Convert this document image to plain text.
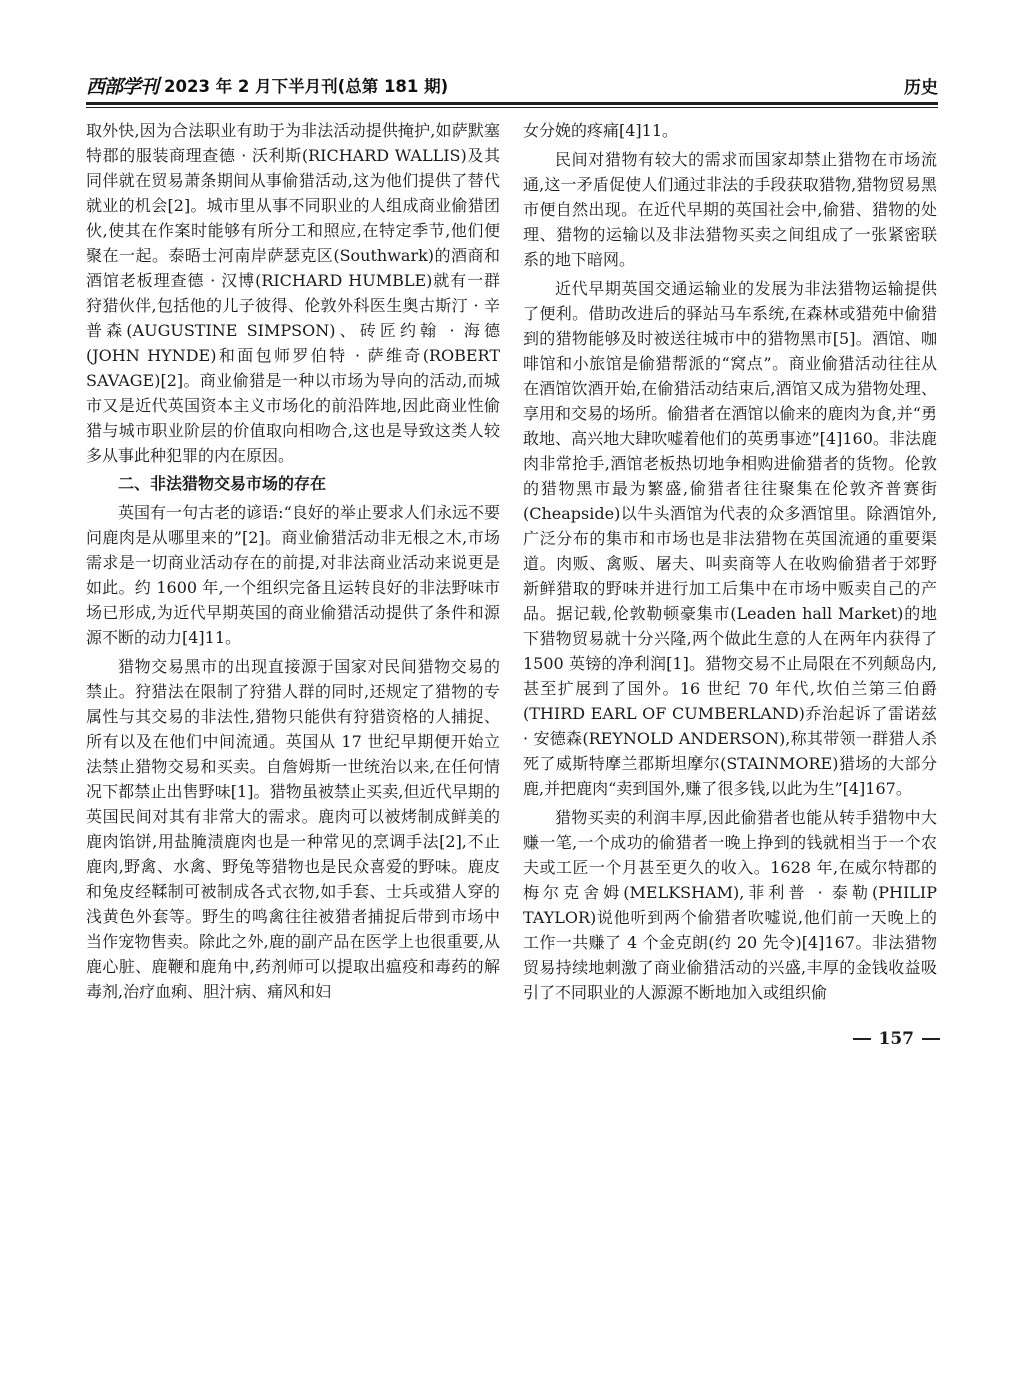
西部学刊 2023 年 2 月下半月刊(总第 181 期)	历史

取外快,因为合法职业有助于为非法活动提供掩护,如萨默塞特郡的服装商理查德 · 沃利斯(RICHARD WALLIS)及其同伴就在贸易萧条期间从事偷猎活动,这为他们提供了替代就业的机会[2]。城市里从事不同职业的人组成商业偷猎团伙,使其在作案时能够有所分工和照应,在特定季节,他们便聚在一起。泰晤士河南岸萨瑟克区(Southwark)的酒商和酒馆老板理查德 · 汉博(RICHARD HUMBLE)就有一群狩猎伙伴,包括他的儿子彼得、伦敦外科医生奥古斯汀 · 辛普森(AUGUSTINE SIMPSON)、砖匠约翰 · 海德(JOHN HYNDE)和面包师罗伯特 · 萨维奇(ROBERT SAVAGE)[2]。商业偷猎是一种以市场为导向的活动,而城市又是近代英国资本主义市场化的前沿阵地,因此商业性偷猎与城市职业阶层的价值取向相吻合,这也是导致这类人较多从事此种犯罪的内在原因。

二、非法猎物交易市场的存在

英国有一句古老的谚语:“良好的举止要求人们永远不要问鹿肉是从哪里来的”[2]。商业偷猎活动非无根之木,市场需求是一切商业活动存在的前提,对非法商业活动来说更是如此。约 1600 年,一个组织完备且运转良好的非法野味市场已形成,为近代早期英国的商业偷猎活动提供了条件和源源不断的动力[4]11。

猎物交易黑市的出现直接源于国家对民间猎物交易的禁止。狩猎法在限制了狩猎人群的同时,还规定了猎物的专属性与其交易的非法性,猎物只能供有狩猎资格的人捕捉、所有以及在他们中间流通。英国从 17 世纪早期便开始立法禁止猎物交易和买卖。自詹姆斯一世统治以来,在任何情况下都禁止出售野味[1]。猎物虽被禁止买卖,但近代早期的英国民间对其有非常大的需求。鹿肉可以被烤制成鲜美的鹿肉馅饼,用盐腌渍鹿肉也是一种常见的烹调手法[2],不止鹿肉,野禽、水禽、野兔等猎物也是民众喜爱的野味。鹿皮和兔皮经鞣制可被制成各式衣物,如手套、士兵或猎人穿的浅黄色外套等。野生的鸣禽往往被猎者捕捉后带到市场中当作宠物售卖。除此之外,鹿的副产品在医学上也很重要,从鹿心脏、鹿鞭和鹿角中,药剂师可以提取出瘟疫和毒药的解毒剂,治疗血痢、胆汁病、痛风和妇

女分娩的疼痛[4]11。

民间对猎物有较大的需求而国家却禁止猎物在市场流通,这一矛盾促使人们通过非法的手段获取猎物,猎物贸易黑市便自然出现。在近代早期的英国社会中,偷猎、猎物的处理、猎物的运输以及非法猎物买卖之间组成了一张紧密联系的地下暗网。

近代早期英国交通运输业的发展为非法猎物运输提供了便利。借助改进后的驿站马车系统,在森林或猎苑中偷猎到的猎物能够及时被送往城市中的猎物黑市[5]。酒馆、咖啡馆和小旅馆是偷猎帮派的“窝点”。商业偷猎活动往往从在酒馆饮酒开始,在偷猎活动结束后,酒馆又成为猎物处理、享用和交易的场所。偷猎者在酒馆以偷来的鹿肉为食,并“勇敢地、高兴地大肆吹嘘着他们的英勇事迹”[4]160。非法鹿肉非常抢手,酒馆老板热切地争相购进偷猎者的货物。伦敦的猎物黑市最为繁盛,偷猎者往往聚集在伦敦齐普赛街(Cheapside)以牛头酒馆为代表的众多酒馆里。除酒馆外,广泛分布的集市和市场也是非法猎物在英国流通的重要渠道。肉贩、禽贩、屠夫、叫卖商等人在收购偷猎者于郊野新鲜猎取的野味并进行加工后集中在市场中贩卖自己的产品。据记载,伦敦勒顿豪集市(Leaden hall Market)的地下猎物贸易就十分兴隆,两个做此生意的人在两年内获得了 1500 英镑的净利润[1]。猎物交易不止局限在不列颠岛内,甚至扩展到了国外。16 世纪 70 年代,坎伯兰第三伯爵(THIRD EARL OF CUMBERLAND)乔治起诉了雷诺兹 · 安德森(REYNOLD ANDERSON),称其带领一群猎人杀死了威斯特摩兰郡斯坦摩尔(STAINMORE)猎场的大部分鹿,并把鹿肉“卖到国外,赚了很多钱,以此为生”[4]167。

猎物买卖的利润丰厚,因此偷猎者也能从转手猎物中大赚一笔,一个成功的偷猎者一晚上挣到的钱就相当于一个农夫或工匠一个月甚至更久的收入。1628 年,在威尔特郡的梅尔克舍姆(MELKSHAM),菲利普 · 泰勒(PHILIP TAYLOR)说他听到两个偷猎者吹嘘说,他们前一天晚上的工作一共赚了 4 个金克朗(约 20 先令)[4]167。非法猎物贸易持续地刺激了商业偷猎活动的兴盛,丰厚的金钱收益吸引了不同职业的人源源不断地加入或组织偷

157
